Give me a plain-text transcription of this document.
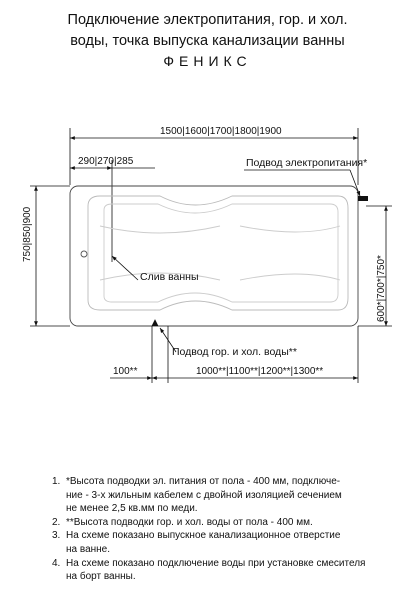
Подключение электропитания, гор. и хол.
воды, точка выпуска канализации ванны
ФЕНИКС
1500|1600|1700|1800|1900
290|270|285
750|850|900
600*|700*|750*
Слив ванны
Подвод электропитания*
Подвод гор. и хол. воды**
100**	1000**|1100**|1200**|1300**

1. *Высота подводки эл. питания от пола - 400 мм, подключе-
ние - 3-х жильным кабелем с двойной изоляцией сечением
не менее 2,5 кв.мм по меди.

2. **Высота подводки гор. и хол. воды от пола - 400 мм.

3. На схеме показано выпускное канализационное отверстие
на ванне.

4. На схеме показано подключение воды при установке смесителя
на борт ванны.
